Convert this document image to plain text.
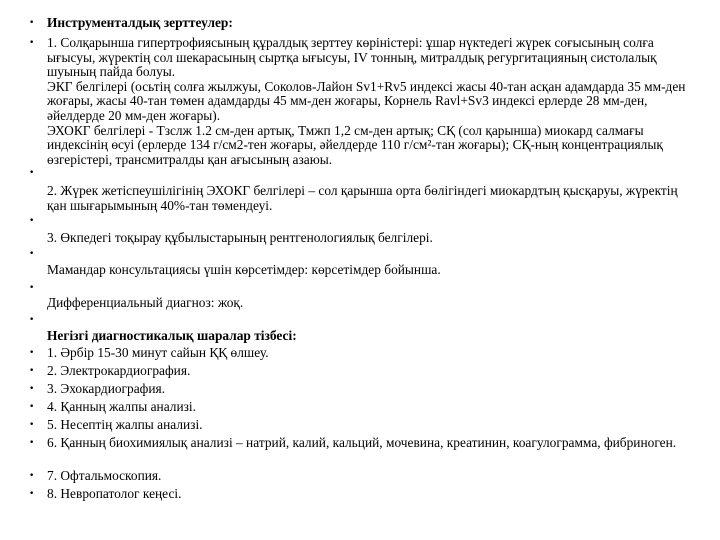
• Инструменталдық зерттеулер:

• 1. Солқарынша гипертрофиясының құралдық зерттеу көріністері: ұшар нүктедегі жүрек соғысының солға ығысуы, жүректің сол шекарасының сыртқа ығысуы, IV тонның, митралдық регургитацияның систолалық шуының пайда болуы.

ЭКГ белгілері (осьтің солға жылжуы, Соколов-Лайон Sv1+Rv5 индексі жасы 40-тан асқан адамдарда 35 мм-ден жоғары, жасы 40-тан төмен адамдарды 45 мм-ден жоғары, Корнель Ravl+Sv3 индексі ерлерде 28 мм-ден, әйелдерде 20 мм-ден жоғары).

ЭХОКГ белгілері - Тзслж 1.2 см-ден артық, Тмжп 1,2 см-ден артық; СҚ (сол қарынша) миокард салмағы индексінің өсуі (ерлерде 134 г/см2-тен жоғары, әйелдерде 110 г/см²-тан жоғары); СҚ-ның концентрациялық өзгерістері, трансмитралды қан ағысының азаюы.

•

2. Жүрек жетіспеушілігінің ЭХОКГ белгілері – сол қарынша орта бөлігіндегі миокардтың қысқаруы, жүректің қан шығарымының 40%-тан төмендеуі.

•

3. Өкпедегі тоқырау құбылыстарының рентгенологиялық белгілері.

•

Мамандар консультациясы үшін көрсетімдер: көрсетімдер бойынша.

•

Дифференциальный диагноз: жоқ.

•

Негізгі диагностикалық шаралар тізбесі:

• 1. Әрбір 15-30 минут сайын ҚҚ өлшеу.

• 2. Электрокардиография.

• 3. Эхокардиография.

• 4. Қанның жалпы анализі.

• 5. Несептің жалпы анализі.

• 6. Қанның биохимиялық анализі – натрий, калий, кальций, мочевина, креатинин, коагулограмма, фибриноген.

• 7. Офтальмоскопия.

• 8. Невропатолог кеңесі.
